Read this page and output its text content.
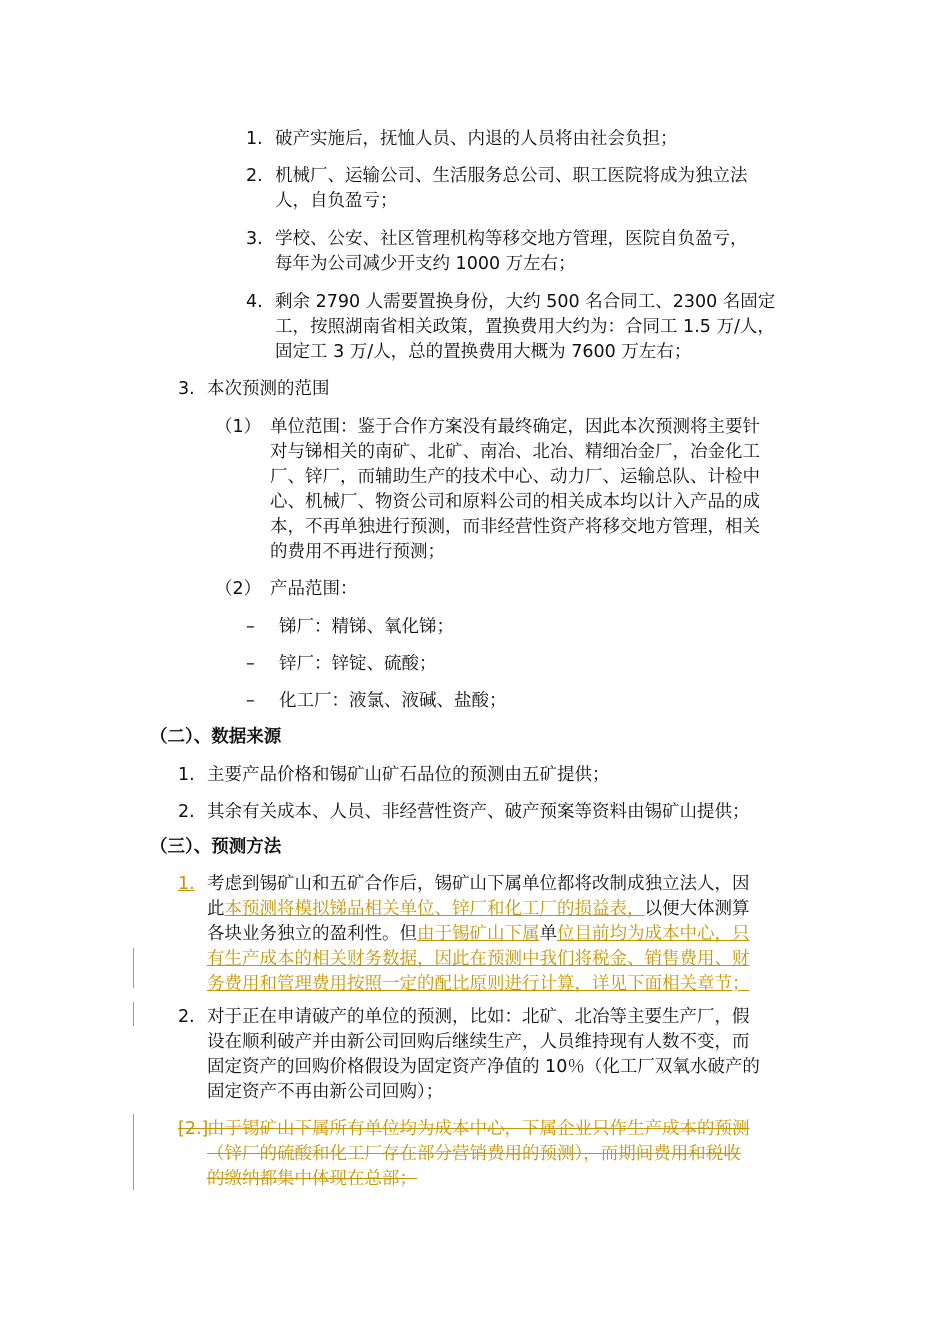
1. 破产实施后，抚恤人员、内退的人员将由社会负担；
2. 机械厂、运输公司、生活服务总公司、职工医院将成为独立法
人，自负盈亏；
3. 学校、公安、社区管理机构等移交地方管理，医院自负盈亏，
每年为公司减少开支约 1000 万左右；
4. 剩余 2790 人需要置换身份，大约 500 名合同工、2300 名固定
工，按照湖南省相关政策，置换费用大约为：合同工 1.5 万/人，
固定工 3 万/人，总的置换费用大概为 7600 万左右；
3. 本次预测的范围
（1） 单位范围：鉴于合作方案没有最终确定，因此本次预测将主要针
对与锑相关的南矿、北矿、南冶、北冶、精细冶金厂，冶金化工
厂、锌厂，而辅助生产的技术中心、动力厂、运输总队、计检中
心、机械厂、物资公司和原料公司的相关成本均以计入产品的成
本，不再单独进行预测，而非经营性资产将移交地方管理，相关
的费用不再进行预测；
（2） 产品范围：
– 锑厂：精锑、氧化锑；
– 锌厂：锌锭、硫酸；
– 化工厂：液氯、液碱、盐酸；
（二）、数据来源
1. 主要产品价格和锡矿山矿石品位的预测由五矿提供；
2. 其余有关成本、人员、非经营性资产、破产预案等资料由锡矿山提供；
（三）、预测方法
1. 考虑到锡矿山和五矿合作后，锡矿山下属单位都将改制成独立法人，因
此本预测将模拟锑品相关单位、锌厂和化工厂的损益表，以便大体测算
各块业务独立的盈利性。但由于锡矿山下属单位目前均为成本中心，只
有生产成本的相关财务数据，因此在预测中我们将税金、销售费用、财
务费用和管理费用按照一定的配比原则进行计算，详见下面相关章节；
2. 对于正在申请破产的单位的预测，比如：北矿、北冶等主要生产厂，假
设在顺利破产并由新公司回购后继续生产，人员维持现有人数不变，而
固定资产的回购价格假设为固定资产净值的 10％（化工厂双氧水破产的
固定资产不再由新公司回购）；
[2.]
由于锡矿山下属所有单位均为成本中心，下属企业只作生产成本的预测
（锌厂的硫酸和化工厂存在部分营销费用的预测），而期间费用和税收
的缴纳都集中体现在总部；
